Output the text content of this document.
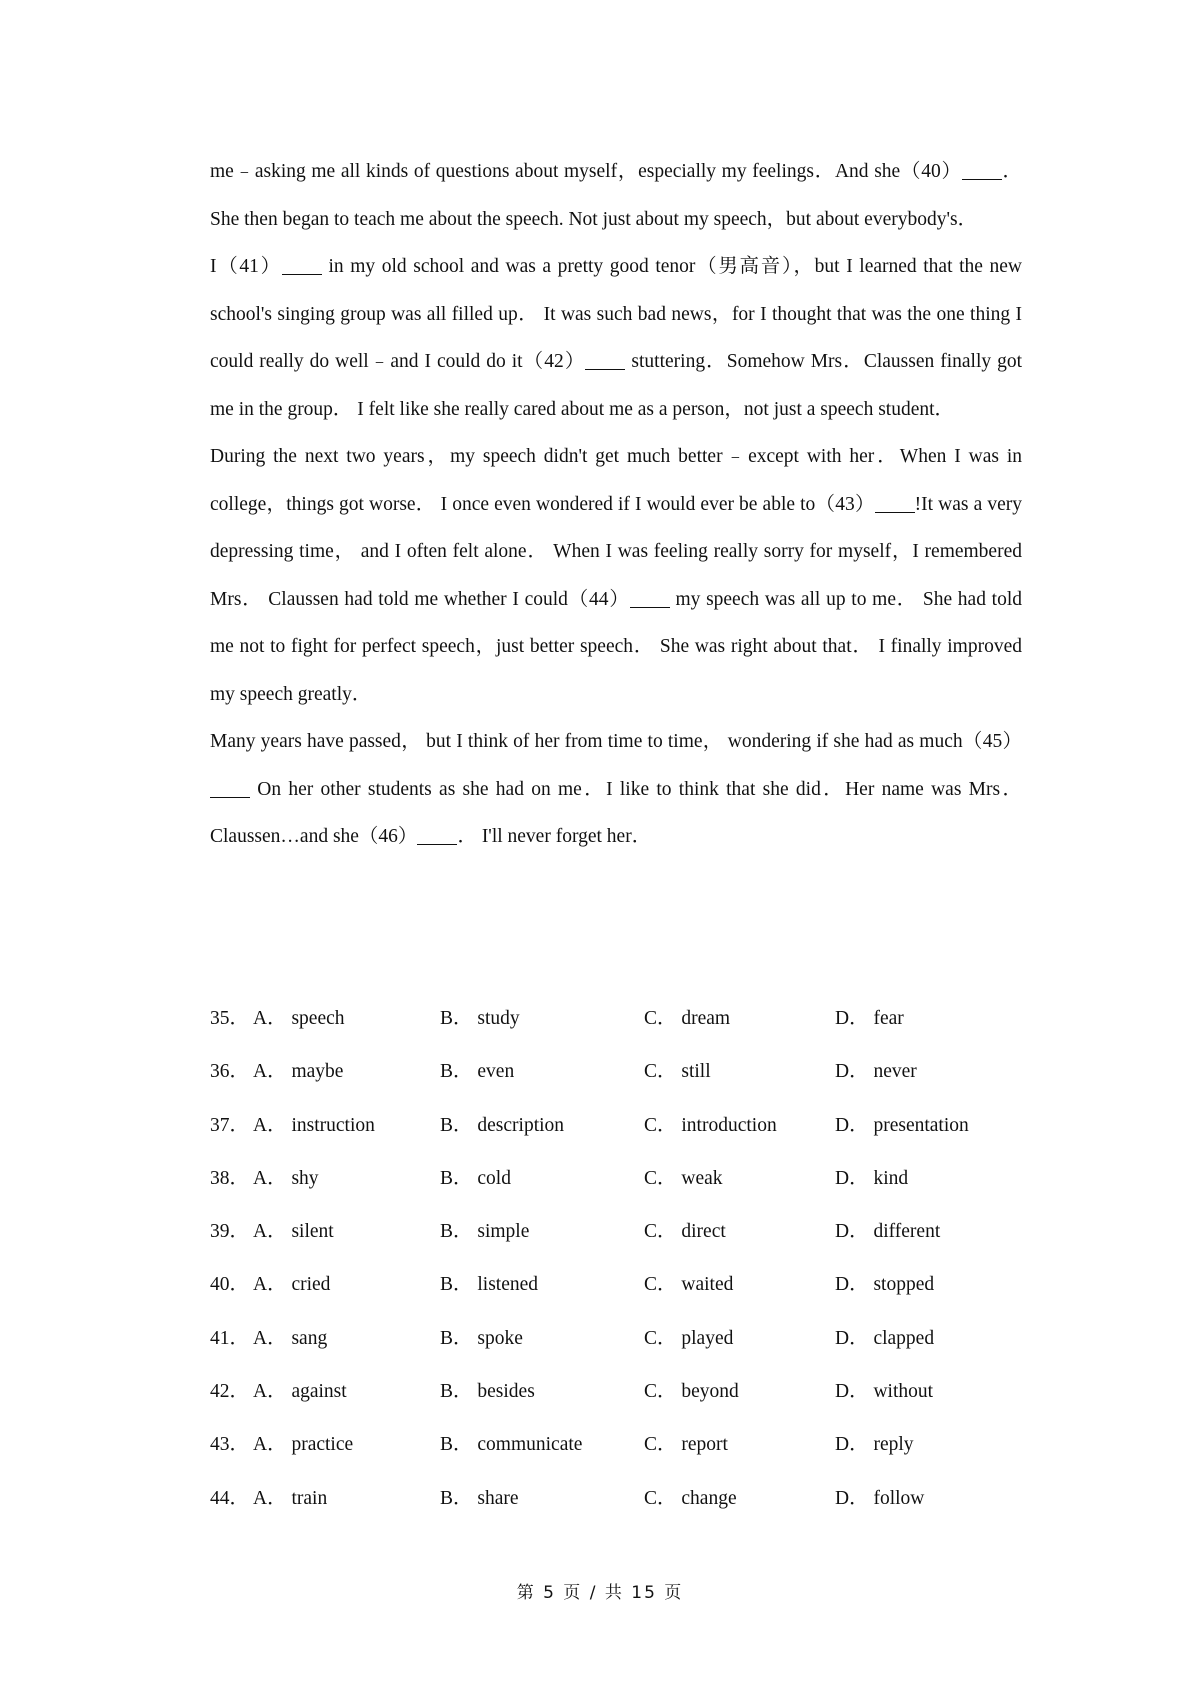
me﹣asking me all kinds of questions about myself，especially my feelings．And she（40） ．She then began to teach me about the speech. Not just about my speech，but about everybody's．

I（41） in my old school and was a pretty good tenor（男高音），but I learned that the new school's singing group was all filled up． It was such bad news，for I thought that was the one thing I could really do well﹣and I could do it（42） stuttering．Somehow Mrs．Claussen finally got me in the group． I felt like she really cared about me as a person，not just a speech student．

During the next two years，my speech didn't get much better﹣except with her．When I was in college，things got worse． I once even wondered if I would ever be able to（43） !It was a very depressing time， and I often felt alone． When I was feeling really sorry for myself，I remembered Mrs． Claussen had told me whether I could（44） my speech was all up to me． She had told me not to fight for perfect speech，just better speech． She was right about that． I finally improved my speech greatly．

Many years have passed， but I think of her from time to time， wondering if she had as much（45） On her other students as she had on me．I like to think that she did．Her name was Mrs． Claussen…and she（46） ． I'll never forget her．

35． A． speech	B． study	C． dream	D． fear
36． A． maybe	B． even	C． still	D． never
37． A． instruction	B． description	C． introduction	D． presentation
38． A． shy	B． cold	C． weak	D． kind
39． A． silent	B． simple	C． direct	D． different
40． A． cried	B． listened	C． waited	D． stopped
41． A． sang	B． spoke	C． played	D． clapped
42． A． against	B． besides	C． beyond	D． without
43． A． practice	B． communicate	C． report	D． reply
44． A． train	B． share	C． change	D． follow
第 5 页 / 共 15 页
